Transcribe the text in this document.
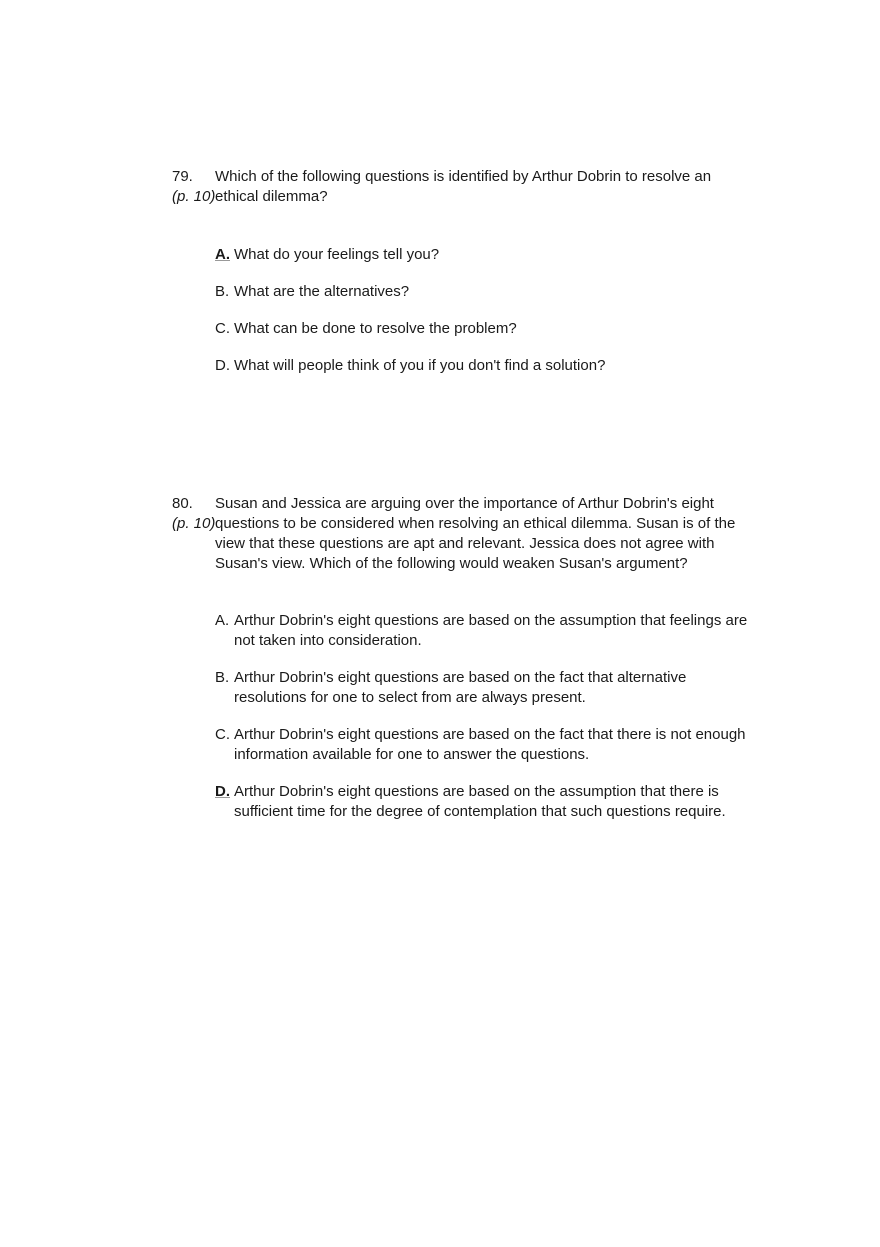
79.
(p. 10)
Which of the following questions is identified by Arthur Dobrin to resolve an ethical dilemma?
A. What do your feelings tell you?
B. What are the alternatives?
C. What can be done to resolve the problem?
D. What will people think of you if you don't find a solution?
80.
(p. 10)
Susan and Jessica are arguing over the importance of Arthur Dobrin's eight questions to be considered when resolving an ethical dilemma. Susan is of the view that these questions are apt and relevant. Jessica does not agree with Susan's view. Which of the following would weaken Susan's argument?
A. Arthur Dobrin's eight questions are based on the assumption that feelings are not taken into consideration.
B. Arthur Dobrin's eight questions are based on the fact that alternative resolutions for one to select from are always present.
C. Arthur Dobrin's eight questions are based on the fact that there is not enough information available for one to answer the questions.
D. Arthur Dobrin's eight questions are based on the assumption that there is sufficient time for the degree of contemplation that such questions require.
